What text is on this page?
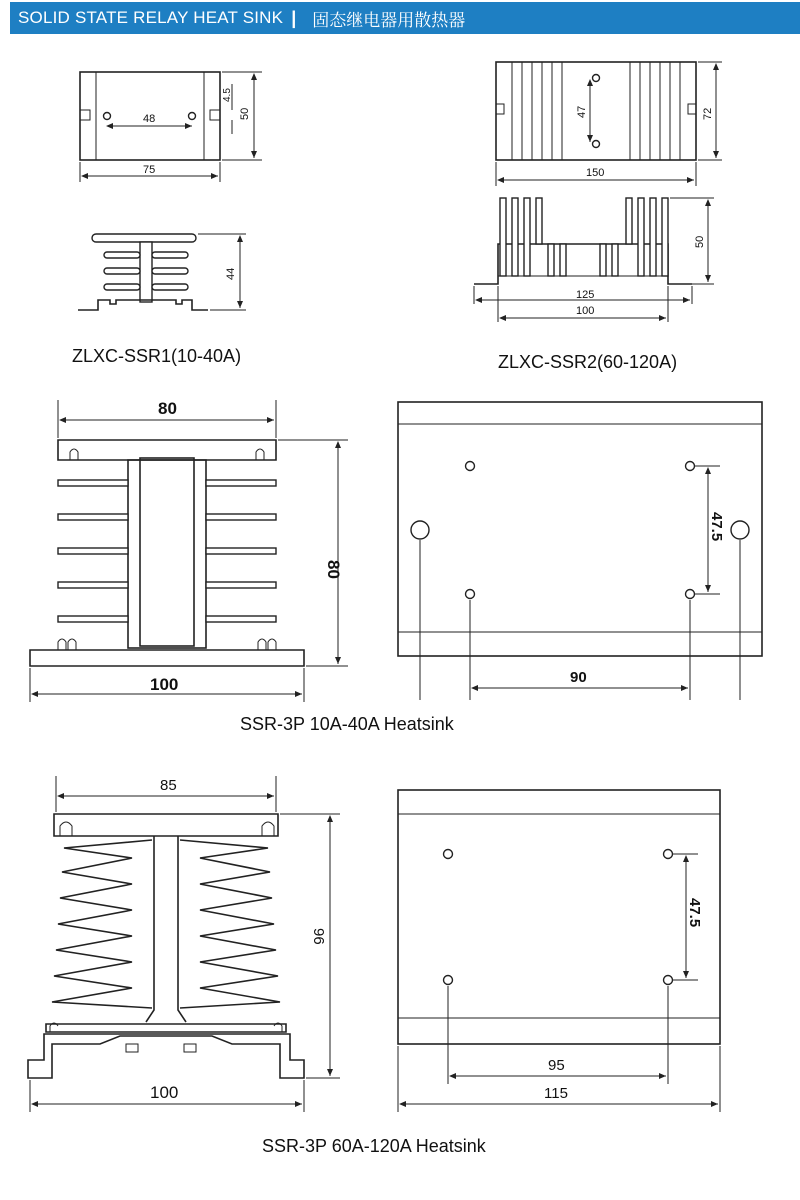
SOLID STATE RELAY HEAT SINK | 固态继电器用散热器
48
75
50
4.5
44
47
150
72
50
125
100
80
80
100
47.5
90
85
96
100
47.5
95
115
ZLXC-SSR1(10-40A)	ZLXC-SSR2(60-120A)
SSR-3P 10A-40A Heatsink
SSR-3P 60A-120A Heatsink
